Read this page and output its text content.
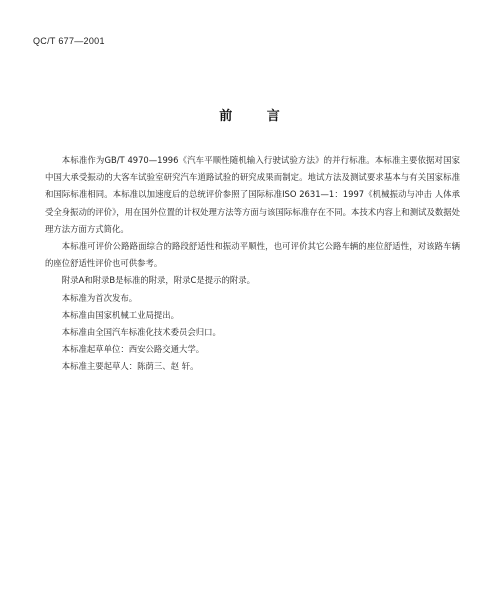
QC/T 677—2001
前 言

本标准作为GB/T 4970—1996《汽车平顺性随机输入行驶试验方法》的并行标准。本标准主要依据对国家中国大承受振动的大客车试验室研究汽车道路试验的研究成果而制定。地试方法及测试要求基本与有关国家标准和国际标准相同。本标准以加速度后的总统评价参照了国际标准ISO 2631—1：1997《机械振动与冲击 人体承受全身振动的评价》，用在国外位置的计权处理方法等方面与该国际标准存在不同。本技术内容上和测试及数据处理方法方面方式简化。

本标准可评价公路路面综合的路段舒适性和振动平顺性，也可评价其它公路车辆的座位舒适性，对该路车辆的座位舒适性评价也可供参考。

附录A和附录B是标准的附录，附录C是提示的附录。

本标准为首次发布。

本标准由国家机械工业局提出。

本标准由全国汽车标准化技术委员会归口。

本标准起草单位：西安公路交通大学。

本标准主要起草人：陈荫三、赵 轩。
